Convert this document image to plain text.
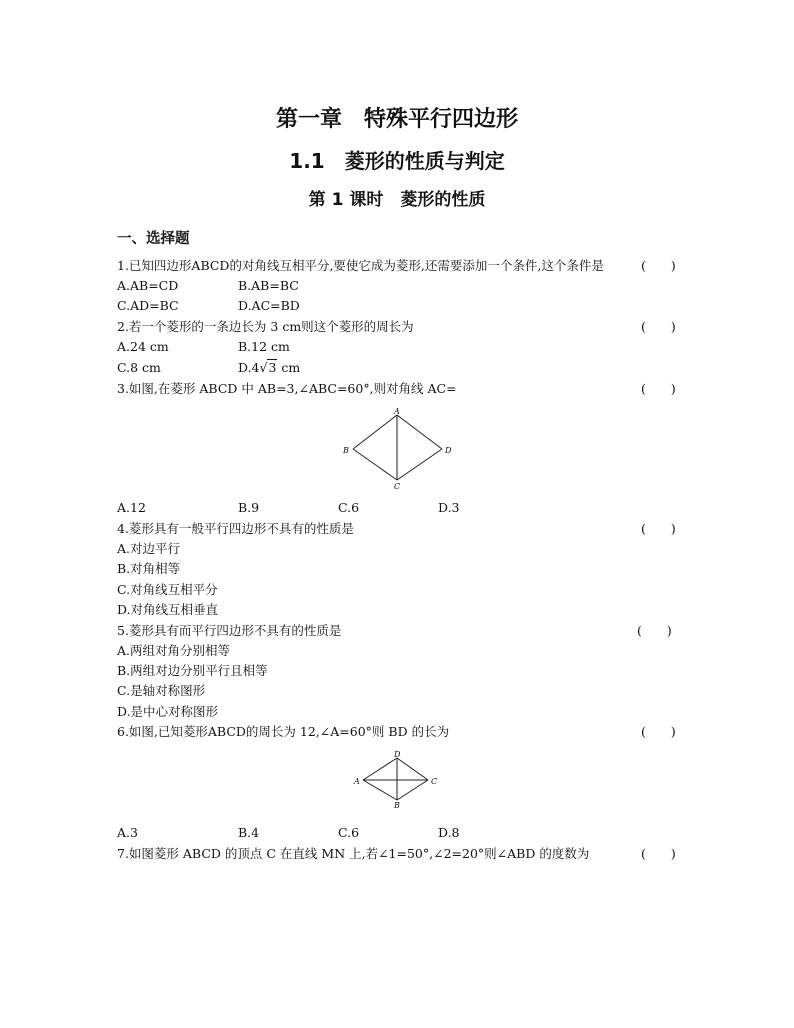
第一章　特殊平行四边形
1.1　菱形的性质与判定
第 1 课时　菱形的性质
一、选择题
1.已知四边形ABCD的对角线互相平分,要使它成为菱形,还需要添加一个条件,这个条件是	(　　)
A.AB=CD	B.AB=BC
C.AD=BC	D.AC=BD
2.若一个菱形的一条边长为 3 cm则这个菱形的周长为	(　　)
A.24 cm	B.12 cm
C.8 cm	D.4√3 cm
3.如图,在菱形 ABCD 中 AB=3,∠ABC=60°,则对角线 AC=	(　　)
A
B
C
D
A.12	B.9	C.6	D.3
4.菱形具有一般平行四边形不具有的性质是	(　　)
A.对边平行
B.对角相等
C.对角线互相平分
D.对角线互相垂直
5.菱形具有而平行四边形不具有的性质是	(　　)
A.两组对角分别相等
B.两组对边分别平行且相等
C.是轴对称图形
D.是中心对称图形
6.如图,已知菱形ABCD的周长为 12,∠A=60°则 BD 的长为	(　　)
D
A	C
B
A.3	B.4	C.6	D.8
7.如图菱形 ABCD 的顶点 C 在直线 MN 上,若∠1=50°,∠2=20°则∠ABD 的度数为	(　　)
